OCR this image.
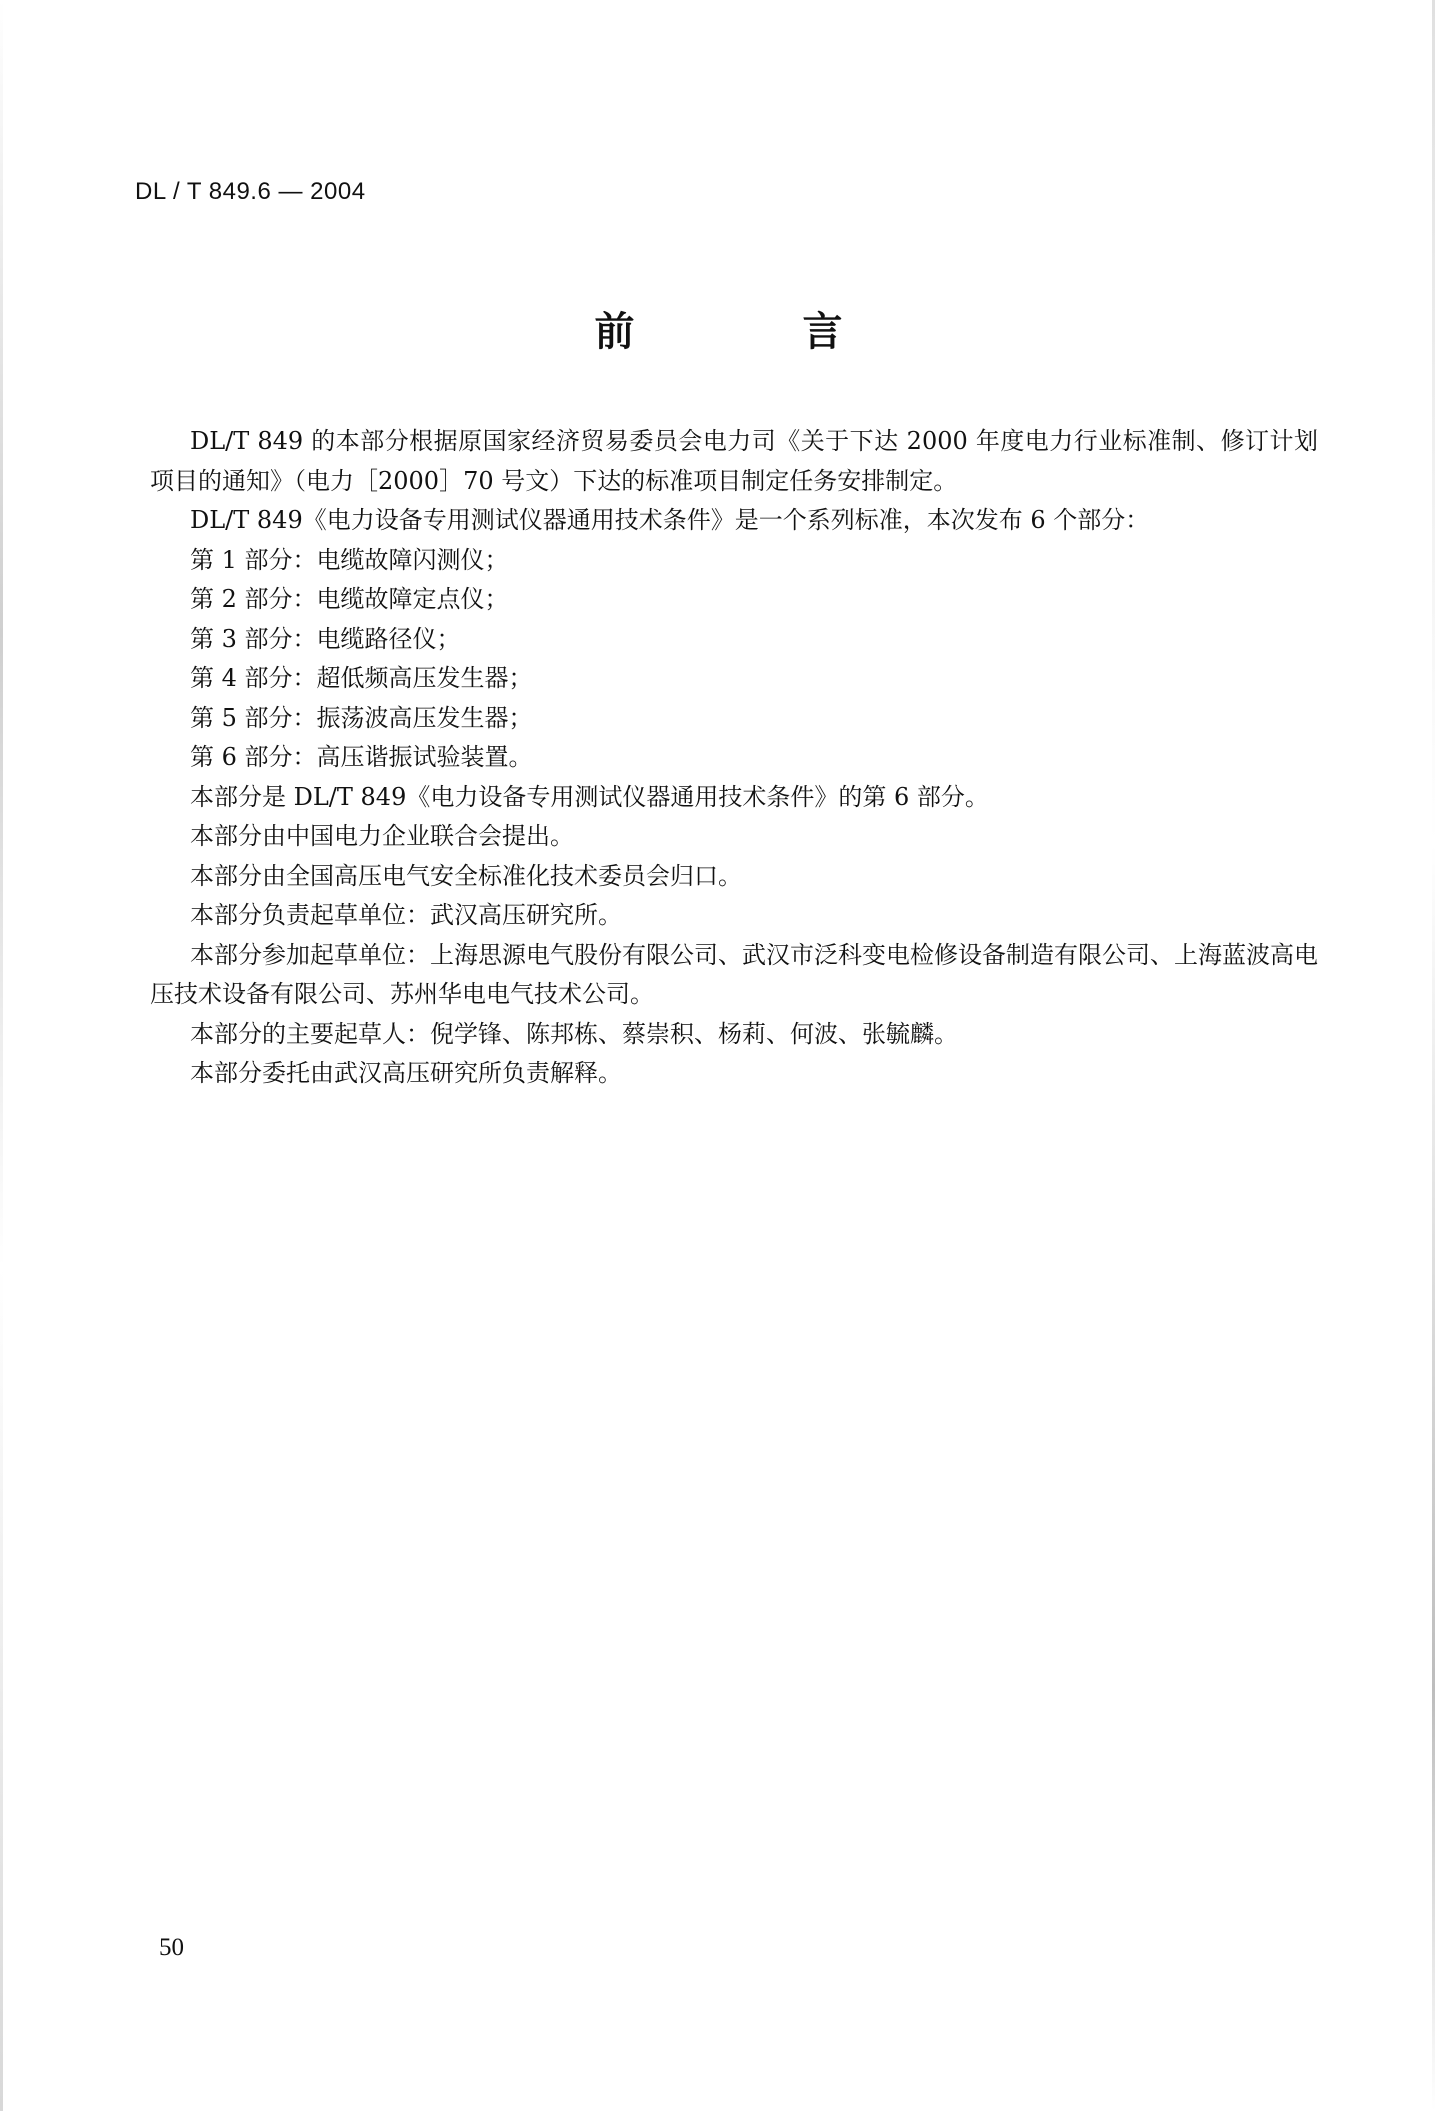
DL / T 849.6 — 2004
前　言

DL/T 849 的本部分根据原国家经济贸易委员会电力司《关于下达 2000 年度电力行业标准制、修订计划项目的通知》（电力［2000］70 号文）下达的标准项目制定任务安排制定。

DL/T 849《电力设备专用测试仪器通用技术条件》是一个系列标准，本次发布 6 个部分：

第 1 部分：电缆故障闪测仪；

第 2 部分：电缆故障定点仪；

第 3 部分：电缆路径仪；

第 4 部分：超低频高压发生器；

第 5 部分：振荡波高压发生器；

第 6 部分：高压谐振试验装置。

本部分是 DL/T 849《电力设备专用测试仪器通用技术条件》的第 6 部分。

本部分由中国电力企业联合会提出。

本部分由全国高压电气安全标准化技术委员会归口。

本部分负责起草单位：武汉高压研究所。

本部分参加起草单位：上海思源电气股份有限公司、武汉市泛科变电检修设备制造有限公司、上海蓝波高电压技术设备有限公司、苏州华电电气技术公司。

本部分的主要起草人：倪学锋、陈邦栋、蔡崇积、杨莉、何波、张毓麟。

本部分委托由武汉高压研究所负责解释。

50
